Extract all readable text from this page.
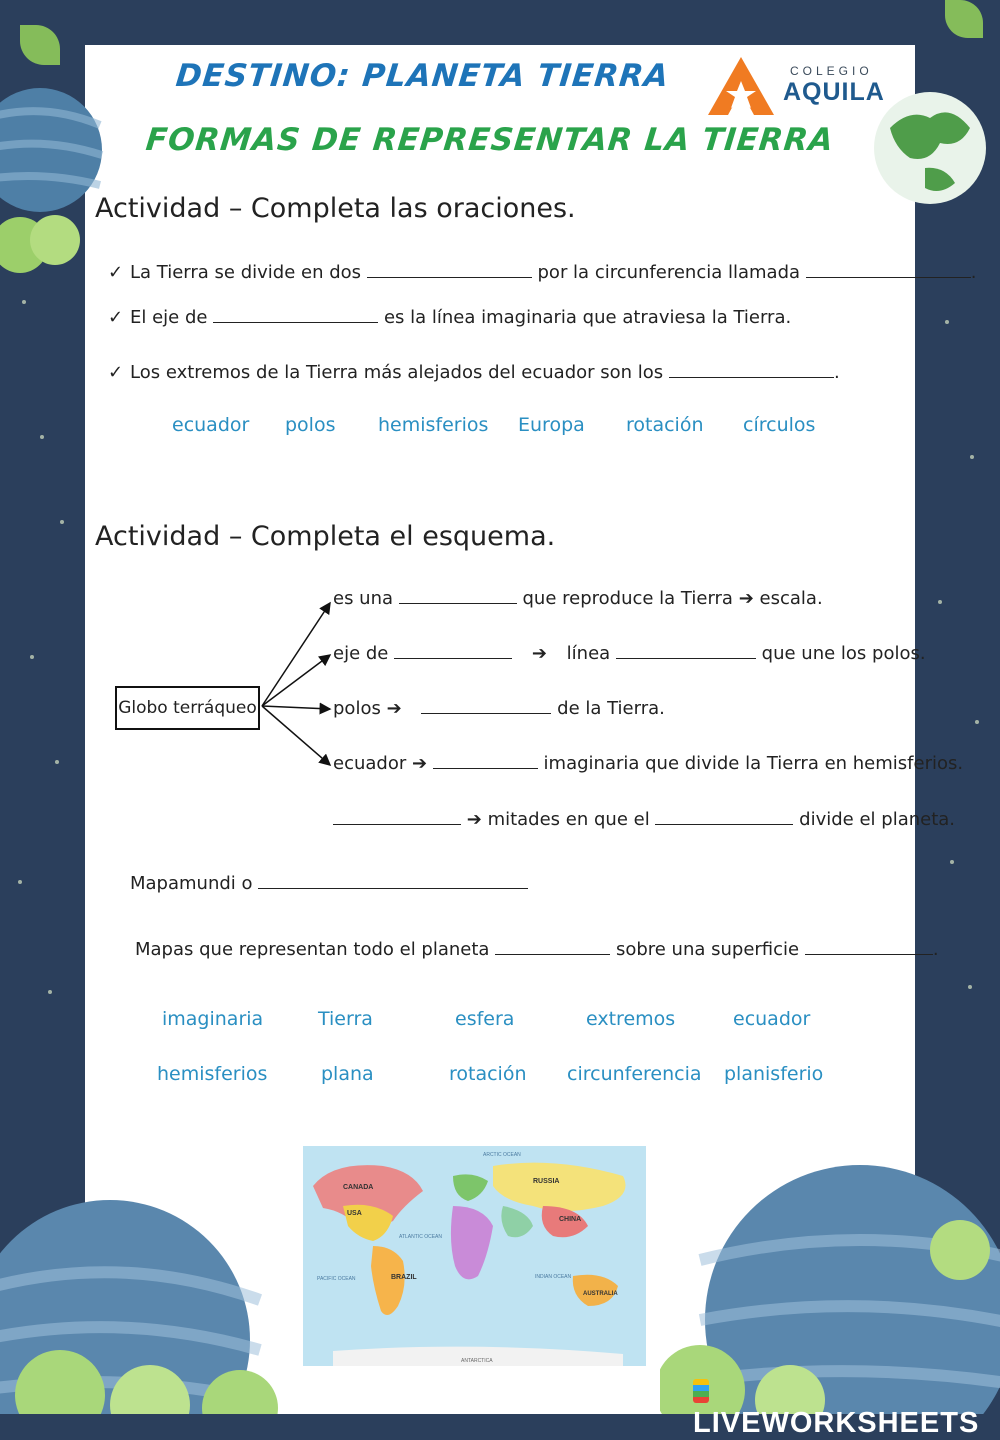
DESTINO: PLANETA TIERRA
FORMAS DE REPRESENTAR LA TIERRA
COLEGIO
AQUILA
Actividad – Completa las oraciones.
✓ La Tierra se divide en dos	por la circunferencia llamada	.
✓ El eje de	es la línea imaginaria que atraviesa la Tierra.
✓ Los extremos de la Tierra más alejados del ecuador son los	.
ecuador polos hemisferios Europa rotación círculos
Actividad – Completa el esquema.
Globo terráqueo
es una	que reproduce la Tierra ➔ escala.
eje de	➔ línea	que une los polos.
polos ➔	de la Tierra.
ecuador ➔	imaginaria que divide la Tierra en hemisferios.
➔ mitades en que el	divide el planeta.
Mapamundi o
Mapas que representan todo el planeta	sobre una superficie	.
imaginaria	Tierra	esfera	extremos	ecuador
hemisferios	plana	rotación circunferencia planisferio
CANADA
USA
RUSSIA
CHINA
BRAZIL
AUSTRALIA
ATLANTIC OCEAN
PACIFIC OCEAN	INDIAN OCEAN
ARCTIC OCEAN
ANTARCTICA
LIVEWORKSHEETS
